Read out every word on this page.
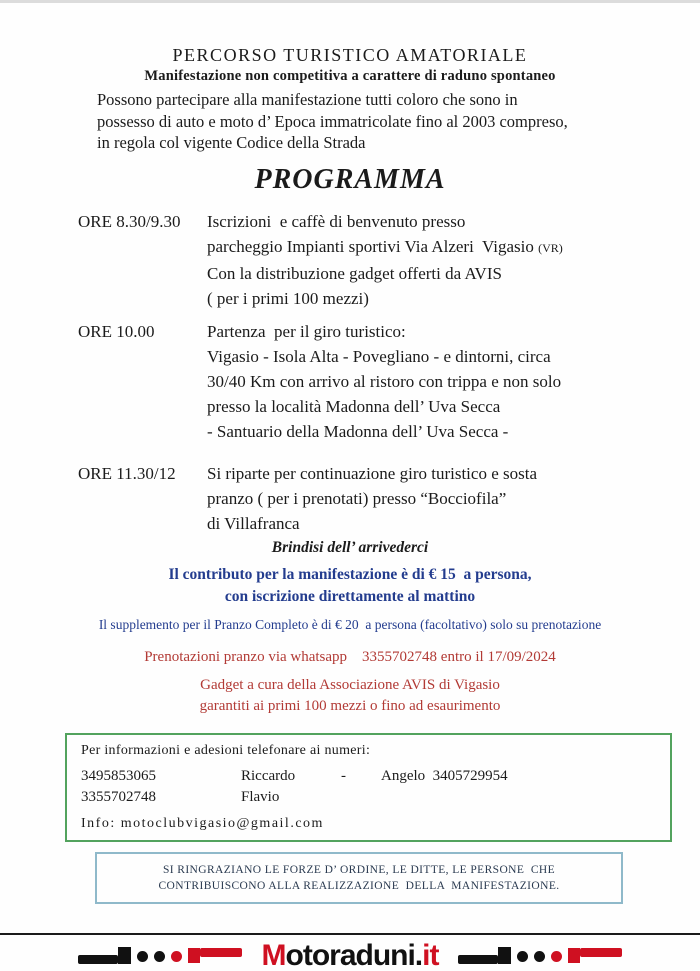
PERCORSO TURISTICO AMATORIALE
Manifestazione non competitiva a carattere di raduno spontaneo
Possono partecipare alla manifestazione tutti coloro che sono in
possesso di auto e moto d’ Epoca immatricolate fino al 2003 compreso,
in regola col vigente Codice della Strada
PROGRAMMA
ORE 8.30/9.30	Iscrizioni  e caffè di benvenuto presso
parcheggio Impianti sportivi Via Alzeri  Vigasio (VR)
Con la distribuzione gadget offerti da AVIS
( per i primi 100 mezzi)
ORE 10.00	Partenza  per il giro turistico:
Vigasio - Isola Alta - Povegliano - e dintorni, circa
30/40 Km con arrivo al ristoro con trippa e non solo
presso la località Madonna dell’ Uva Secca
- Santuario della Madonna dell’ Uva Secca -
ORE 11.30/12	Si riparte per continuazione giro turistico e sosta
pranzo ( per i prenotati) presso “Bocciofila”
di Villafranca
Brindisi dell’ arrivederci
Il contributo per la manifestazione è di € 15  a persona,
con iscrizione direttamente al mattino
Il supplemento per il Pranzo Completo è di € 20  a persona (facoltativo) solo su prenotazione
Prenotazioni pranzo via whatsapp    3355702748 entro il 17/09/2024
Gadget a cura della Associazione AVIS di Vigasio
garantiti ai primi 100 mezzi o fino ad esaurimento
Per informazioni e adesioni telefonare ai numeri:
3495853065	Riccardo	-	Angelo  3405729954
3355702748	Flavio
Info: motoclubvigasio@gmail.com
SI RINGRAZIANO LE FORZE D’ ORDINE, LE DITTE, LE PERSONE  CHE
CONTRIBUISCONO ALLA REALIZZAZIONE  DELLA  MANIFESTAZIONE.
Motoraduni.it
